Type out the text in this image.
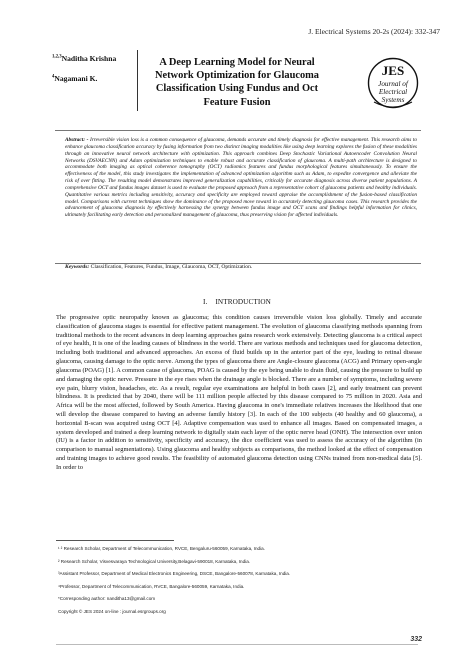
J. Electrical Systems 20-2s (2024): 332-347
$^{1,2,3}$Naditha Krishna
$^4$Nagamani K.
A Deep Learning Model for Neural Network Optimization for Glaucoma Classification Using Fundus and Oct Feature Fusion
JES
Journal of
Electrical
Systems

Abstract: - Irreversible vision loss is a common consequence of glaucoma, demands accurate and timely diagnosis for effective management. This research aims to enhance glaucoma classification accuracy by fusing information from two distinct imaging modalities like using deep learning explores the fusion of these modalities through an innovative neural network architecture with optimization. This approach combines Deep Stochastic Variational Autoencoder Convolution Neural Networks (DSVAECNN) and Adam optimization techniques to enable robust and accurate classification of glaucoma. A multi-path architecture is designed to accommodate both imaging as optical coherence tomography (OCT) radiomics features and fundus morphological features simultaneously. To ensure the effectiveness of the model, this study investigates the implementation of advanced optimization algorithm such as Adam, to expedite convergence and alleviate the risk of over fitting. The resulting model demonstrates improved generalization capabilities, critically for accurate diagnosis across diverse patient populations. A comprehensive OCT and fundus images dataset is used to evaluate the proposed approach from a representative cohort of glaucoma patients and healthy individuals. Quantitative various metrics including sensitivity, accuracy and specificity are employed toward appraise the accomplishment of the fusion-based classification model. Comparisons with current techniques show the dominance of the proposed move toward in accurately detecting glaucoma cases. This research provides the advancement of glaucoma diagnosis by effectively harnessing the synergy between fundus image and OCT scans and findings helpful information for clinics, ultimately facilitating early detection and personalized management of glaucoma, thus preserving vision for affected individuals.

Keywords: Classification, Features, Fundus, Image, Glaucoma, OCT, Optimization.
I. INTRODUCTION

The progressive optic neuropathy known as glaucoma; this condition causes irreversible vision loss globally. Timely and accurate classification of glaucoma stages is essential for effective patient management. The evolution of glaucoma classifying methods spanning from traditional methods to the recent advances in deep learning approaches gains research work extensively. Detecting glaucoma is a critical aspect of eye health, It is one of the leading causes of blindness in the world. There are various methods and techniques used for glaucoma detection, including both traditional and advanced approaches. An excess of fluid builds up in the anterior part of the eye, leading to retinal disease glaucoma, causing damage to the optic nerve. Among the types of glaucoma there are Angle-closure glaucoma (ACG) and Primary open-angle glaucoma (POAG) [1]. A common cause of glaucoma, POAG is caused by the eye being unable to drain fluid, causing the pressure to build up and damaging the optic nerve. Pressure in the eye rises when the drainage angle is blocked. There are a number of symptoms, including severe eye pain, blurry vision, headaches, etc. As a result, regular eye examinations are helpful in both cases [2], and early treatment can prevent blindness. It is predicted that by 2040, there will be 111 million people affected by this disease compared to 75 million in 2020. Asia and Africa will be the most affected, followed by South America. Having glaucoma in one's immediate relatives increases the likelihood that one will develop the disease compared to having an adverse family history [3]. In each of the 100 subjects (40 healthy and 60 glaucoma), a horizontal B-scan was acquired using OCT [4]. Adaptive compensation was used to enhance all images. Based on compensated images, a system developed and trained a deep learning network to digitally stain each layer of the optic nerve head (ONH). The intersection over union (IU) is a factor in addition to sensitivity, specificity and accuracy, the dice coefficient was used to assess the accuracy of the algorithm (in comparison to manual segmentations). Using glaucoma and healthy subjects as comparisons, the method looked at the effect of compensation and training images to achieve good results. The feasibility of automated glaucoma detection using CNNs trained from non-medical data [5]. In order to

¹ ² Research Scholar, Department of Telecommunication, RVCE, Bengaluru-560059, Karnataka, India.
² Research Scholar, Visvesvaraya Technological University,Belagavi-590018, Karnataka, India.
³Assistant Professor, Department of Medical Electronics Engineering, DSCE, Bangalore-560078, Karnataka, India.
⁴Professor, Department of Telecommunication, RVCE, Bangalore-560059, Karnataka, India.
*Corresponding author: nanditha13@gmail.com
Copyright © JES 2024 on-line : journal.esrgroups.org
332
